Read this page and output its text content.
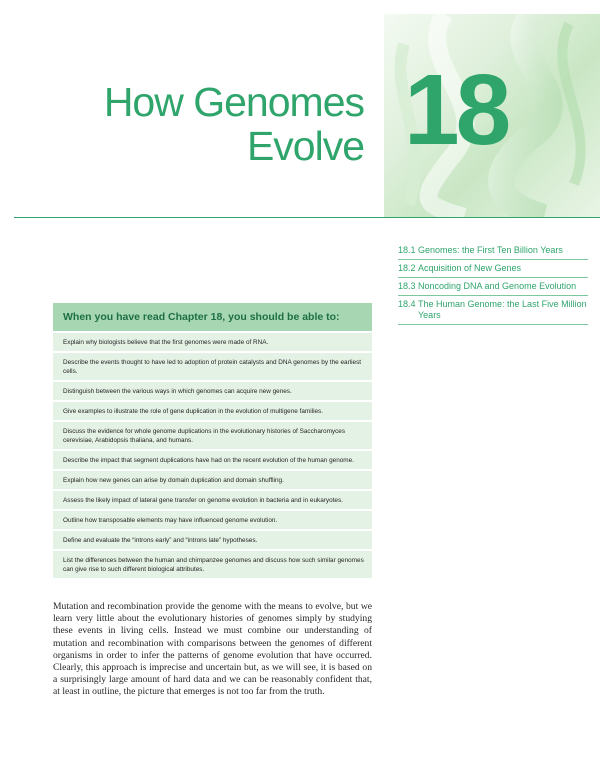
18
How Genomes
Evolve
18.1 Genomes: the First Ten Billion Years
18.2 Acquisition of New Genes
18.3 Noncoding DNA and Genome Evolution
18.4 The Human Genome: the Last Five Million Years
When you have read Chapter 18, you should be able to:
Explain why biologists believe that the first genomes were made of RNA.
Describe the events thought to have led to adoption of protein catalysts and DNA genomes by the earliest cells.
Distinguish between the various ways in which genomes can acquire new genes.
Give examples to illustrate the role of gene duplication in the evolution of multigene families.
Discuss the evidence for whole genome duplications in the evolutionary histories of Saccharomyces cerevisiae, Arabidopsis thaliana, and humans.
Describe the impact that segment duplications have had on the recent evolution of the human genome.
Explain how new genes can arise by domain duplication and domain shuffling.
Assess the likely impact of lateral gene transfer on genome evolution in bacteria and in eukaryotes.
Outline how transposable elements may have influenced genome evolution.
Define and evaluate the “introns early” and “introns late” hypotheses.
List the differences between the human and chimpanzee genomes and discuss how such similar genomes can give rise to such different biological attributes.
Mutation and recombination provide the genome with the means to evolve, but we learn very little about the evolutionary histories of genomes simply by studying these events in living cells. Instead we must combine our understanding of mutation and recombination with comparisons between the genomes of different organisms in order to infer the patterns of genome evolution that have occurred. Clearly, this approach is imprecise and uncertain but, as we will see, it is based on a surprisingly large amount of hard data and we can be reasonably confident that, at least in outline, the picture that emerges is not too far from the truth.
